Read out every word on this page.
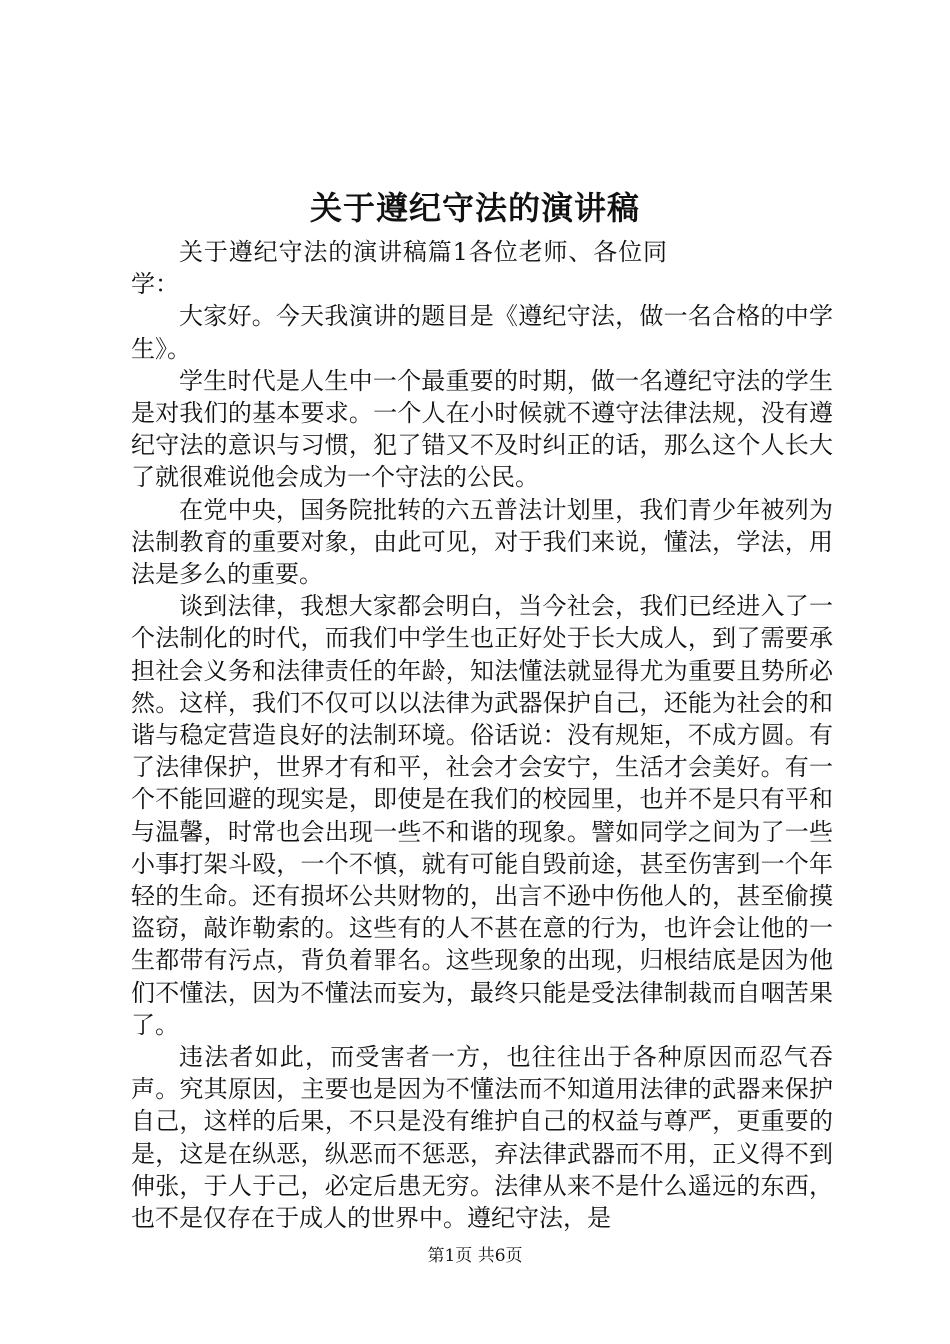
关于遵纪守法的演讲稿

关于遵纪守法的演讲稿篇1各位老师、各位同学：

大家好。今天我演讲的题目是《遵纪守法，做一名合格的中学生》。

学生时代是人生中一个最重要的时期，做一名遵纪守法的学生是对我们的基本要求。一个人在小时候就不遵守法律法规，没有遵纪守法的意识与习惯，犯了错又不及时纠正的话，那么这个人长大了就很难说他会成为一个守法的公民。

在党中央，国务院批转的六五普法计划里，我们青少年被列为法制教育的重要对象，由此可见，对于我们来说，懂法，学法，用法是多么的重要。

谈到法律，我想大家都会明白，当今社会，我们已经进入了一个法制化的时代，而我们中学生也正好处于长大成人，到了需要承担社会义务和法律责任的年龄，知法懂法就显得尤为重要且势所必然。这样，我们不仅可以以法律为武器保护自己，还能为社会的和谐与稳定营造良好的法制环境。俗话说：没有规矩，不成方圆。有了法律保护，世界才有和平，社会才会安宁，生活才会美好。有一个不能回避的现实是，即使是在我们的校园里，也并不是只有平和与温馨，时常也会出现一些不和谐的现象。譬如同学之间为了一些小事打架斗殴，一个不慎，就有可能自毁前途，甚至伤害到一个年轻的生命。还有损坏公共财物的，出言不逊中伤他人的，甚至偷摸盗窃，敲诈勒索的。这些有的人不甚在意的行为，也许会让他的一生都带有污点，背负着罪名。这些现象的出现，归根结底是因为他们不懂法，因为不懂法而妄为，最终只能是受法律制裁而自咽苦果了。

违法者如此，而受害者一方，也往往出于各种原因而忍气吞声。究其原因，主要也是因为不懂法而不知道用法律的武器来保护自己，这样的后果，不只是没有维护自己的权益与尊严，更重要的是，这是在纵恶，纵恶而不惩恶，弃法律武器而不用，正义得不到伸张，于人于己，必定后患无穷。法律从来不是什么遥远的东西，也不是仅存在于成人的世界中。遵纪守法，是

第1页 共6页
